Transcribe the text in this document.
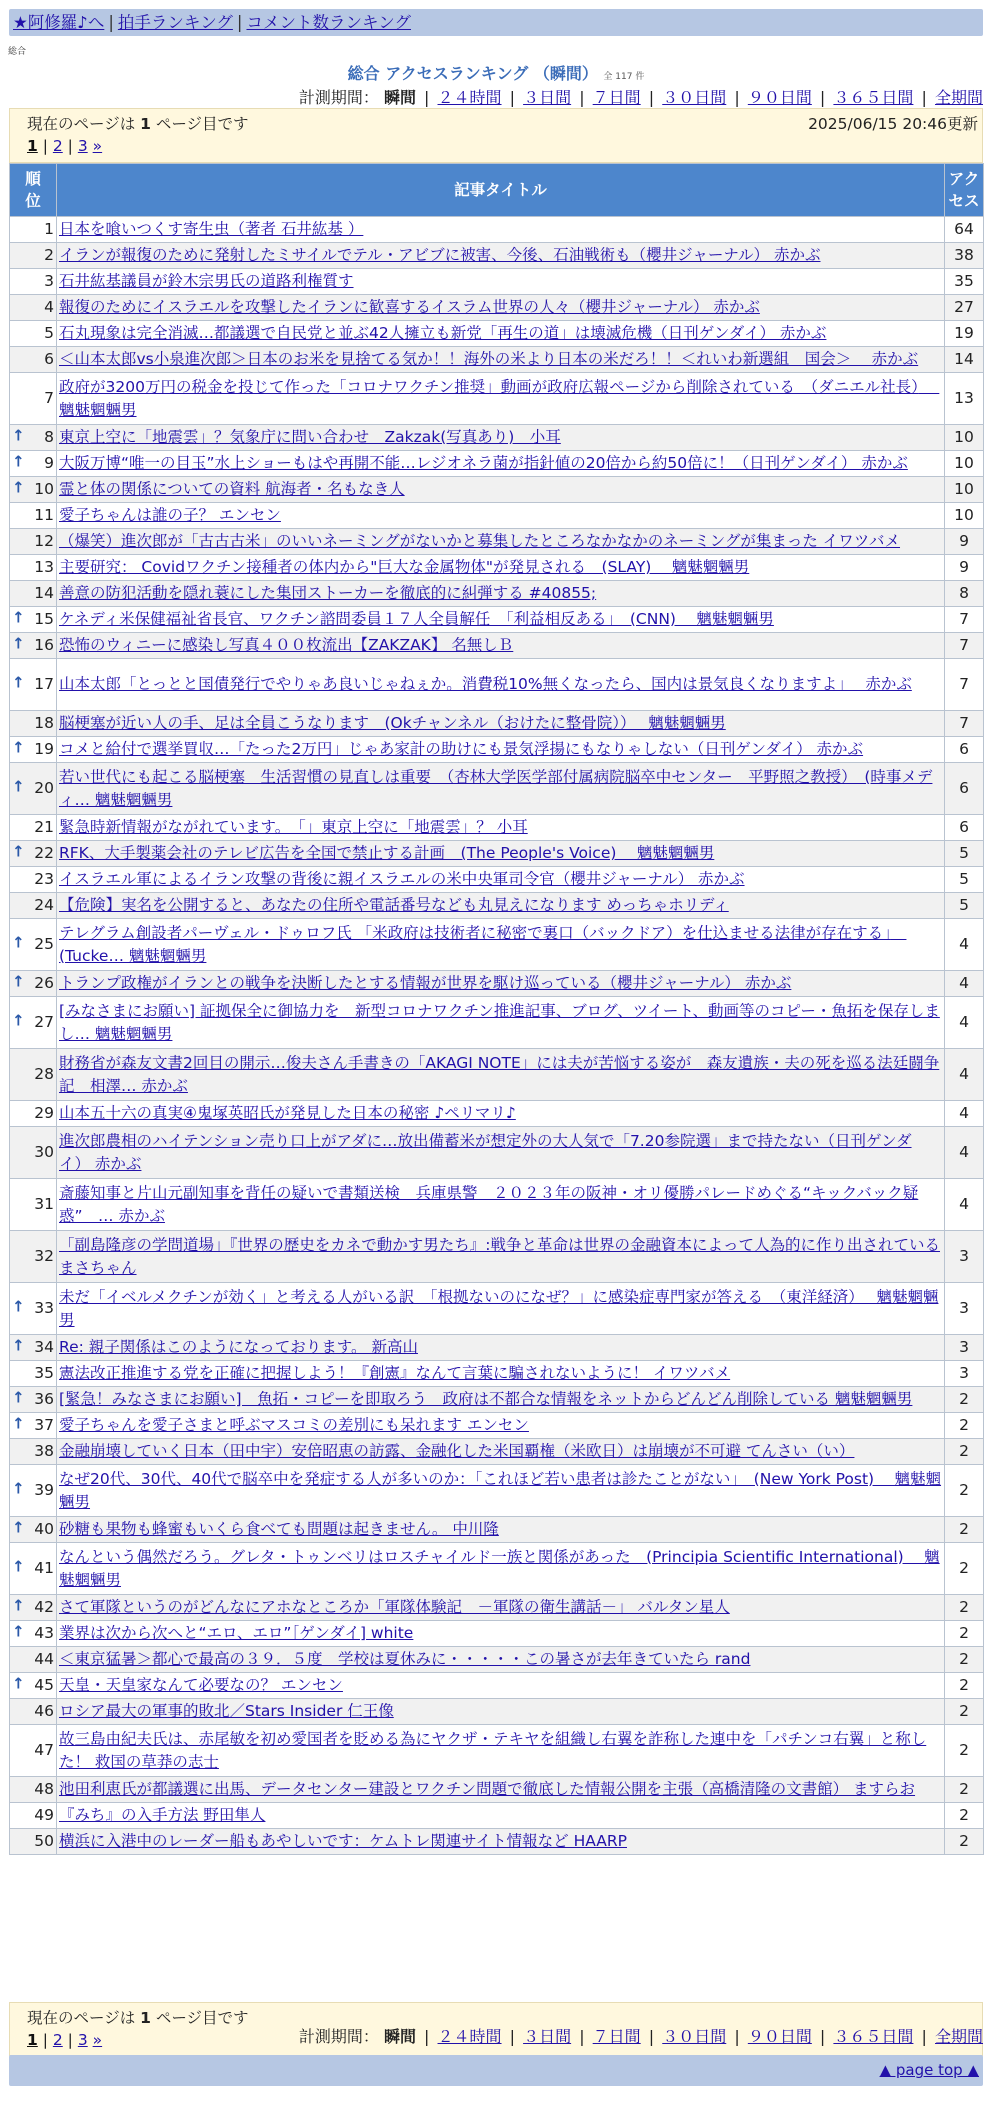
★阿修羅♪へ | 拍手ランキング | コメント数ランキング
総合
総合 アクセスランキング （瞬間） 全 117 件
計測期間： 瞬間 | ２４時間 | ３日間 | ７日間 | ３０日間 | ９０日間 | ３６５日間 | 全期間
現在のページは 1 ページ目です	2025/06/15 20:46更新
1 | 2 | 3 »
順
位	記事タイトル	アク
セス
1	日本を喰いつくす寄生虫（著者 石井紘基 ）	64
2	イランが報復のために発射したミサイルでテル・アビブに被害、今後、石油戦術も（櫻井ジャーナル） 赤かぶ	38
3	石井紘基議員が鈴木宗男氏の道路利権質す	35
4	報復のためにイスラエルを攻撃したイランに歓喜するイスラム世界の人々（櫻井ジャーナル） 赤かぶ	27
5	石丸現象は完全消滅…都議選で自民党と並ぶ42人擁立も新党「再生の道」は壊滅危機（日刊ゲンダイ） 赤かぶ	19
6	＜山本太郎vs小泉進次郎＞日本のお米を見捨てる気か！！海外の米より日本の米だろ！！＜れいわ新選組　国会＞　 赤かぶ	14
7	政府が3200万円の税金を投じて作った「コロナワクチン推奨」動画が政府広報ページから削除されている　（ダニエル社長）　 魑魅魍魎男	13

↑ 8	東京上空に「地震雲」？気象庁に問い合わせ　Zakzak(写真あり)　小耳	10

↑ 9	大阪万博“唯一の目玉”水上ショーもはや再開不能…レジオネラ菌が指針値の20倍から約50倍に！（日刊ゲンダイ） 赤かぶ	10

↑ 10	霊と体の関係についての資料 航海者・名もなき人	10
11	愛子ちゃんは誰の子？ エンセン	10
12	（爆笑）進次郎が「古古古米」のいいネーミングがないかと募集したところなかなかのネーミングが集まった イワツバメ	9
13	主要研究： Covidワクチン接種者の体内から"巨大な金属物体"が発見される　(SLAY)　 魑魅魍魎男	9
14	善意の防犯活動を隠れ蓑にした集団ストーカーを徹底的に糾弾する #40855;	8

↑ 15	ケネディ米保健福祉省長官、ワクチン諮問委員１７人全員解任　「利益相反ある」　(CNN)　 魑魅魍魎男	7

↑ 16	恐怖のウィニーに感染し写真４００枚流出【ZAKZAK】 名無しＢ	7

↑ 17	山本太郎「とっとと国債発行でやりゃあ良いじゃねぇか。消費税10%無くなったら、国内は景気良くなりますよ」　 赤かぶ	7
18	脳梗塞が近い人の手、足は全員こうなります　(Okチャンネル（おけたに整骨院））　 魑魅魍魎男	7

↑ 19	コメと給付で選挙買収…「たった2万円」じゃあ家計の助けにも景気浮揚にもなりゃしない（日刊ゲンダイ） 赤かぶ	6

↑ 20	若い世代にも起こる脳梗塞　生活習慣の見直しは重要　（杏林大学医学部付属病院脳卒中センター　平野照之教授）　(時事メディ… 魑魅魍魎男	6
21	緊急時新情報がながれています。　「」東京上空に「地震雲」？ 小耳	6

↑ 22	RFK、大手製薬会社のテレビ広告を全国で禁止する計画　(The People's Voice)　 魑魅魍魎男	5
23	イスラエル軍によるイラン攻撃の背後に親イスラエルの米中央軍司令官（櫻井ジャーナル） 赤かぶ	5
24	【危険】実名を公開すると、あなたの住所や電話番号なども丸見えになります めっちゃホリディ	5

↑ 25	テレグラム創設者パーヴェル・ドゥロフ氏 「米政府は技術者に秘密で裏口（バックドア）を仕込ませる法律が存在する」　(Tucke… 魑魅魍魎男	4

↑ 26	トランプ政権がイランとの戦争を決断したとする情報が世界を駆け巡っている（櫻井ジャーナル） 赤かぶ	4

↑ 27	[みなさまにお願い] 証拠保全に御協力を　新型コロナワクチン推進記事、ブログ、ツイート、動画等のコピー・魚拓を保存しまし… 魑魅魍魎男	4
28	財務省が森友文書2回目の開示…俊夫さん手書きの「AKAGI NOTE」には夫が苦悩する姿が　森友遺族・夫の死を巡る法廷闘争記　相澤… 赤かぶ	4
29	山本五十六の真実④鬼塚英昭氏が発見した日本の秘密 ♪ペリマリ♪	4
30	進次郎農相のハイテンション売り口上がアダに…放出備蓄米が想定外の大人気で「7.20参院選」まで持たない（日刊ゲンダイ） 赤かぶ	4
31	斎藤知事と片山元副知事を背任の疑いで書類送検　兵庫県警　２０２３年の阪神・オリ優勝パレードめぐる“キックバック疑惑”　… 赤かぶ	4
32	「副島隆彦の学問道場」『世界の歴史をカネで動かす男たち』:戦争と革命は世界の金融資本によって人為的に作り出されている まさちゃん	3

↑ 33	未だ「イベルメクチンが効く」と考える人がいる訳　「根拠ないのになぜ？」に感染症専門家が答える　（東洋経済）　 魑魅魍魎男	3

↑ 34	Re: 親子関係はこのようになっております。 新高山	3
35	憲法改正推進する党を正確に把握しよう！『創憲』なんて言葉に騙されないように！ イワツバメ	3

↑ 36	[緊急！みなさまにお願い]　魚拓・コピーを即取ろう　政府は不都合な情報をネットからどんどん削除している 魑魅魍魎男	2

↑ 37	愛子ちゃんを愛子さまと呼ぶマスコミの差別にも呆れます エンセン	2
38	金融崩壊していく日本（田中宇）安倍昭恵の訪露、金融化した米国覇権（米欧日）は崩壊が不可避 てんさい（い）	2

↑ 39	なぜ20代、30代、40代で脳卒中を発症する人が多いのか：「これほど若い患者は診たことがない」　(New York Post)　 魑魅魍魎男	2

↑ 40	砂糖も果物も蜂蜜もいくら食べても問題は起きません。 中川隆	2

↑ 41	なんという偶然だろう。グレタ・トゥンベリはロスチャイルド一族と関係があった　(Principia Scientific International)　 魑魅魍魎男	2

↑ 42	さて軍隊というのがどんなにアホなところか「軍隊体験記　－軍隊の衛生講話－」 バルタン星人	2

↑ 43	業界は次から次へと“エロ、エロ”［ゲンダイ] white	2
44	＜東京猛暑＞都心で最高の３９．５度　学校は夏休みに・・・・・この暑さが去年きていたら rand	2

↑ 45	天皇・天皇家なんて必要なの？ エンセン	2
46	ロシア最大の軍事的敗北／Stars Insider 仁王像	2
47	故三島由紀夫氏は、赤尾敏を初め愛国者を貶める為にヤクザ・テキヤを組織し右翼を詐称した連中を「パチンコ右翼」と称した！ 救国の草莽の志士	2
48	池田利恵氏が都議選に出馬、データセンター建設とワクチン問題で徹底した情報公開を主張（高橋清隆の文書館） ますらお	2
49	『みち』の入手方法 野田隼人	2
50	横浜に入港中のレーダー船もあやしいです：ケムトレ関連サイト情報など HAARP	2
現在のページは 1 ページ目です
1 | 2 | 3 »	計測期間： 瞬間 | ２４時間 | ３日間 | ７日間 | ３０日間 | ９０日間 | ３６５日間 | 全期間
▲ page top ▲
